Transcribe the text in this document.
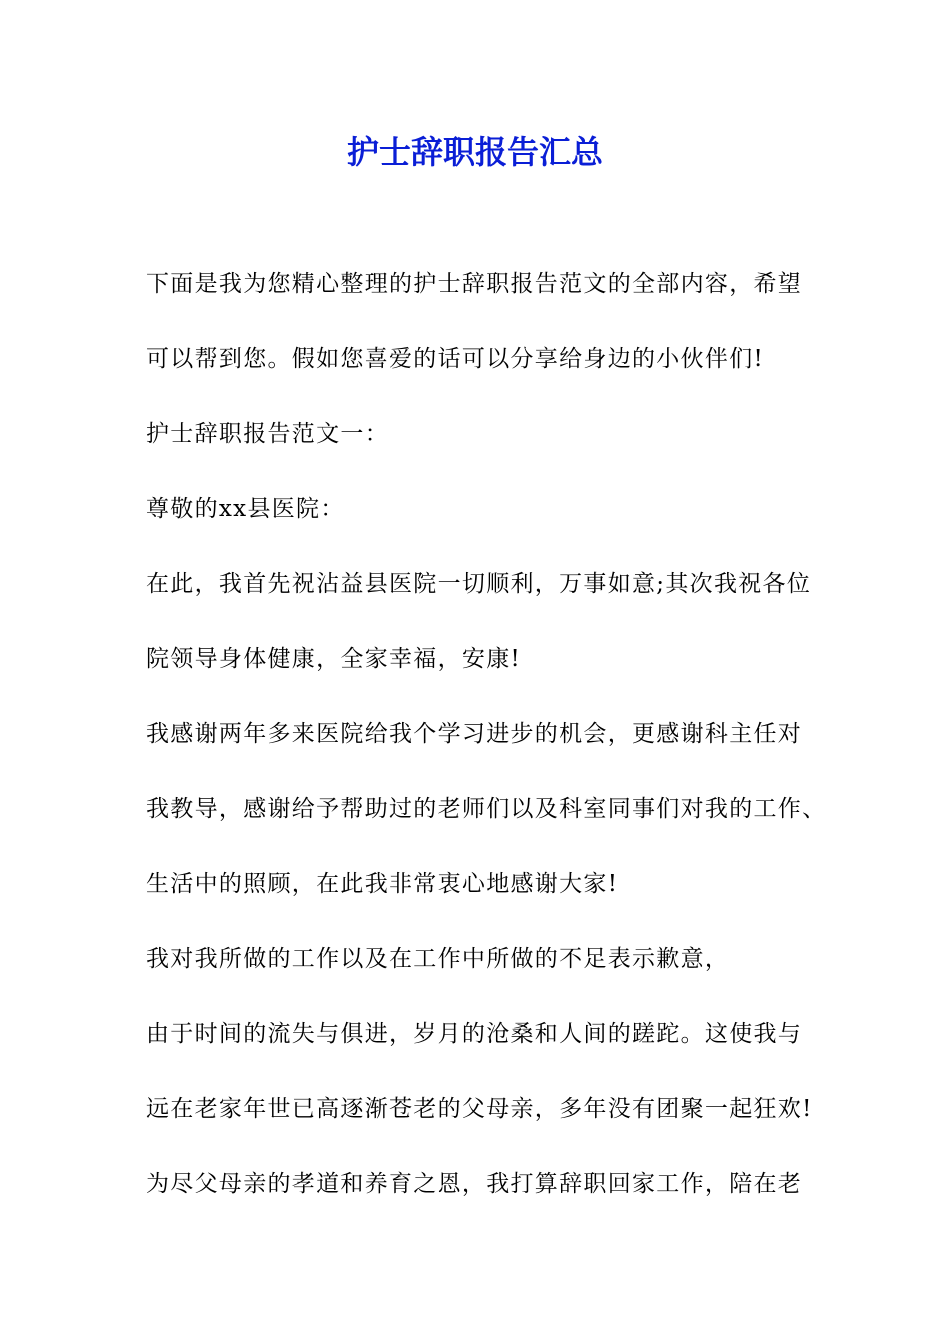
护士辞职报告汇总
下面是我为您精心整理的护士辞职报告范文的全部内容，希望
可以帮到您。假如您喜爱的话可以分享给身边的小伙伴们!
护士辞职报告范文一：
尊敬的xx县医院：
在此，我首先祝沾益县医院一切顺利，万事如意;其次我祝各位
院领导身体健康，全家幸福，安康!
我感谢两年多来医院给我个学习进步的机会，更感谢科主任对
我教导，感谢给予帮助过的老师们以及科室同事们对我的工作、
生活中的照顾，在此我非常衷心地感谢大家!
我对我所做的工作以及在工作中所做的不足表示歉意，
由于时间的流失与俱进，岁月的沧桑和人间的蹉跎。这使我与
远在老家年世已高逐渐苍老的父母亲，多年没有团聚一起狂欢!
为尽父母亲的孝道和养育之恩，我打算辞职回家工作，陪在老
